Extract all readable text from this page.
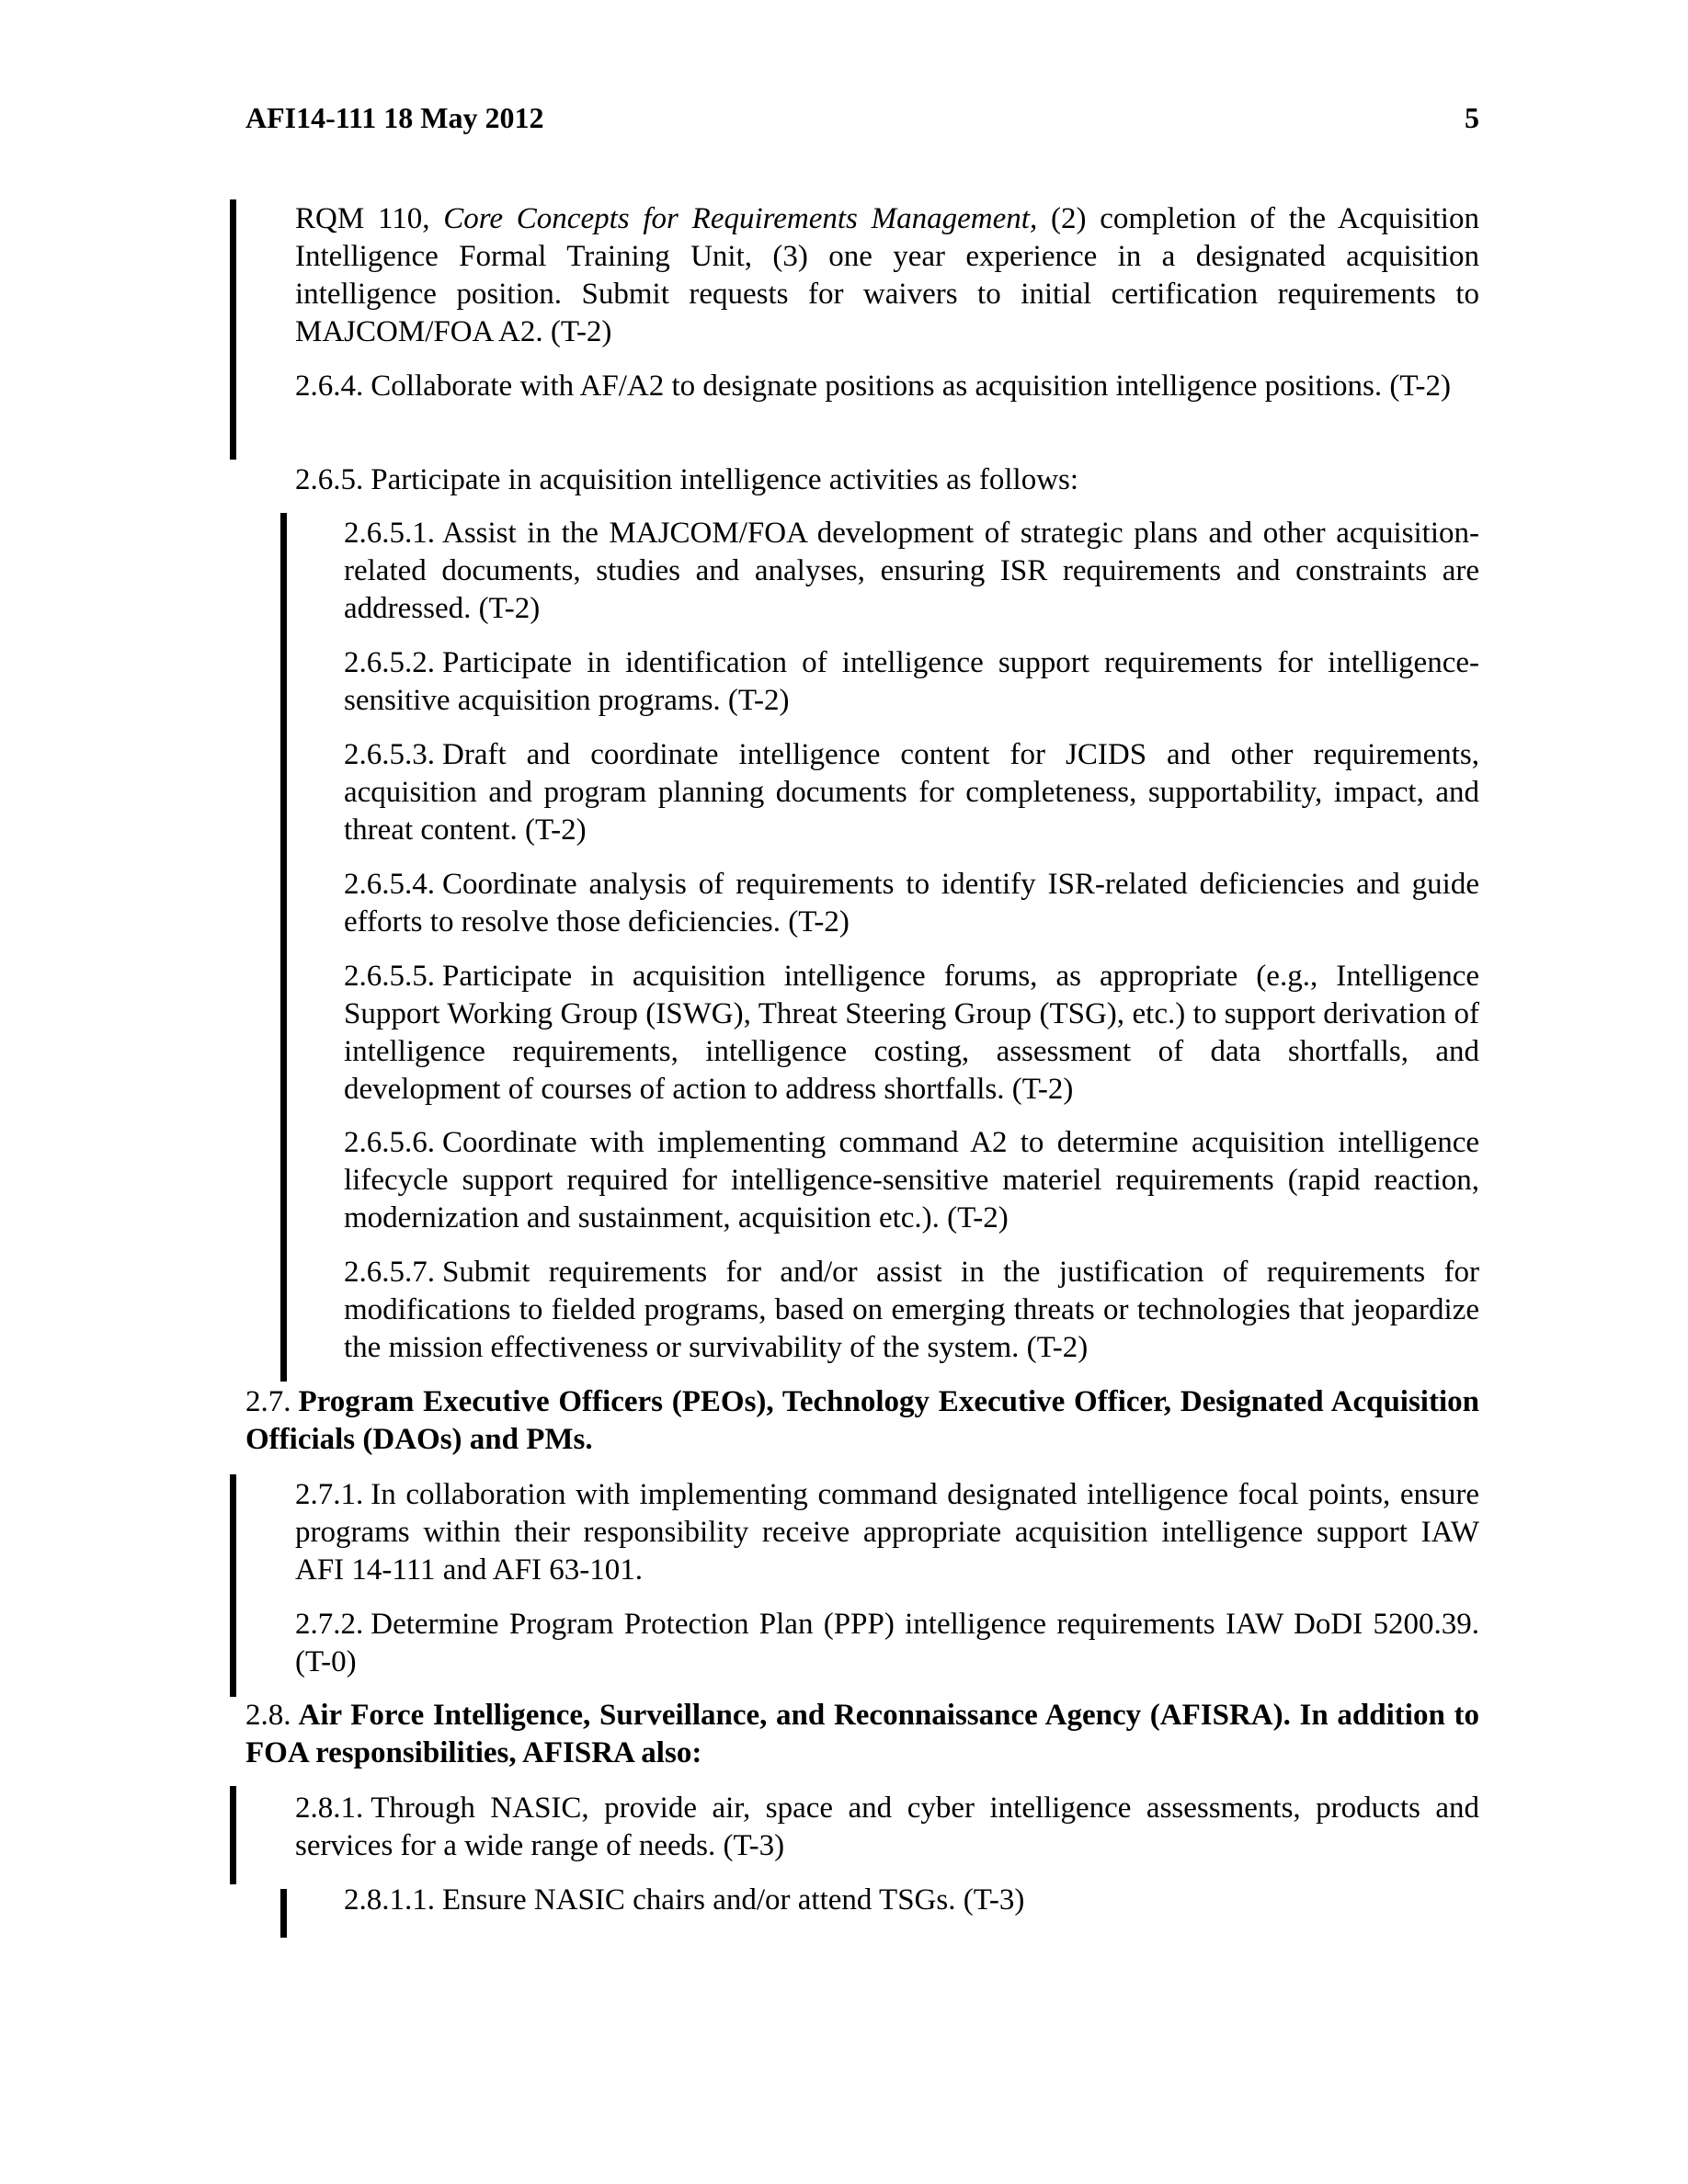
AFI14-111 18 May 2012	5
RQM 110, Core Concepts for Requirements Management, (2) completion of the Acquisition Intelligence Formal Training Unit, (3) one year experience in a designated acquisition intelligence position. Submit requests for waivers to initial certification requirements to MAJCOM/FOA A2. (T-2)
2.6.4. Collaborate with AF/A2 to designate positions as acquisition intelligence positions. (T-2)
2.6.5. Participate in acquisition intelligence activities as follows:
2.6.5.1. Assist in the MAJCOM/FOA development of strategic plans and other acquisition-related documents, studies and analyses, ensuring ISR requirements and constraints are addressed. (T-2)
2.6.5.2. Participate in identification of intelligence support requirements for intelligence-sensitive acquisition programs. (T-2)
2.6.5.3. Draft and coordinate intelligence content for JCIDS and other requirements, acquisition and program planning documents for completeness, supportability, impact, and threat content. (T-2)
2.6.5.4. Coordinate analysis of requirements to identify ISR-related deficiencies and guide efforts to resolve those deficiencies. (T-2)
2.6.5.5. Participate in acquisition intelligence forums, as appropriate (e.g., Intelligence Support Working Group (ISWG), Threat Steering Group (TSG), etc.) to support derivation of intelligence requirements, intelligence costing, assessment of data shortfalls, and development of courses of action to address shortfalls. (T-2)
2.6.5.6. Coordinate with implementing command A2 to determine acquisition intelligence lifecycle support required for intelligence-sensitive materiel requirements (rapid reaction, modernization and sustainment, acquisition etc.). (T-2)
2.6.5.7. Submit requirements for and/or assist in the justification of requirements for modifications to fielded programs, based on emerging threats or technologies that jeopardize the mission effectiveness or survivability of the system. (T-2)
2.7. Program Executive Officers (PEOs), Technology Executive Officer, Designated Acquisition Officials (DAOs) and PMs.
2.7.1. In collaboration with implementing command designated intelligence focal points, ensure programs within their responsibility receive appropriate acquisition intelligence support IAW AFI 14-111 and AFI 63-101.
2.7.2. Determine Program Protection Plan (PPP) intelligence requirements IAW DoDI 5200.39. (T-0)
2.8. Air Force Intelligence, Surveillance, and Reconnaissance Agency (AFISRA). In addition to FOA responsibilities, AFISRA also:
2.8.1. Through NASIC, provide air, space and cyber intelligence assessments, products and services for a wide range of needs. (T-3)
2.8.1.1. Ensure NASIC chairs and/or attend TSGs. (T-3)
